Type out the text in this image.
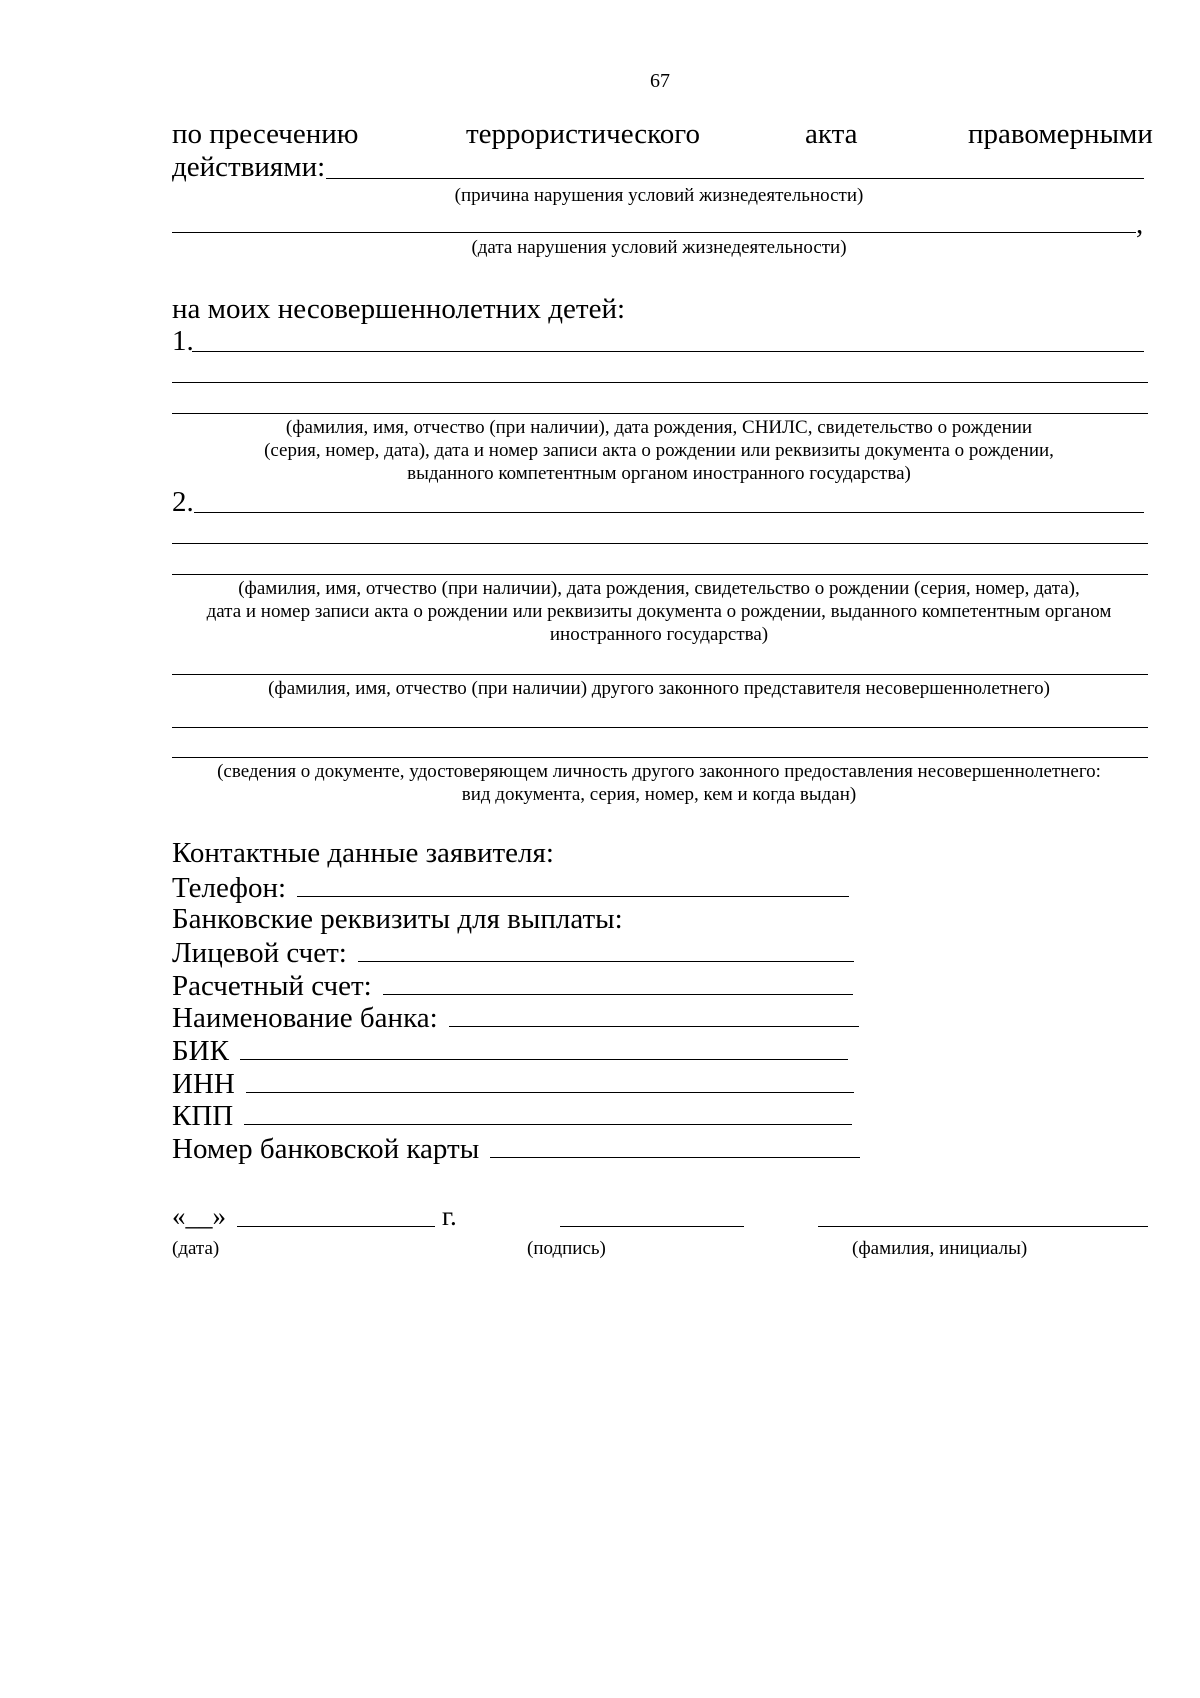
67
по пресечению	террористического	акта	правомерными
действиями:
(причина нарушения условий жизнедеятельности)
,
(дата нарушения условий жизнедеятельности)
на моих несовершеннолетних детей:
1.
(фамилия, имя, отчество (при наличии), дата рождения, СНИЛС, свидетельство о рождении
(серия, номер, дата), дата и номер записи акта о рождении или реквизиты документа о рождении,
выданного компетентным органом иностранного государства)
2.
(фамилия, имя, отчество (при наличии), дата рождения, свидетельство о рождении (серия, номер, дата),
дата и номер записи акта о рождении или реквизиты документа о рождении, выданного компетентным органом
иностранного государства)
(фамилия, имя, отчество (при наличии) другого законного представителя несовершеннолетнего)
(сведения о документе, удостоверяющем личность другого законного предоставления несовершеннолетнего:
вид документа, серия, номер, кем и когда выдан)
Контактные данные заявителя:
Телефон:
Банковские реквизиты для выплаты:
Лицевой счет:
Расчетный счет:
Наименование банка:
БИК
ИНН
КПП
Номер банковской карты
«__»	г.
(дата)	(подпись)	(фамилия, инициалы)
